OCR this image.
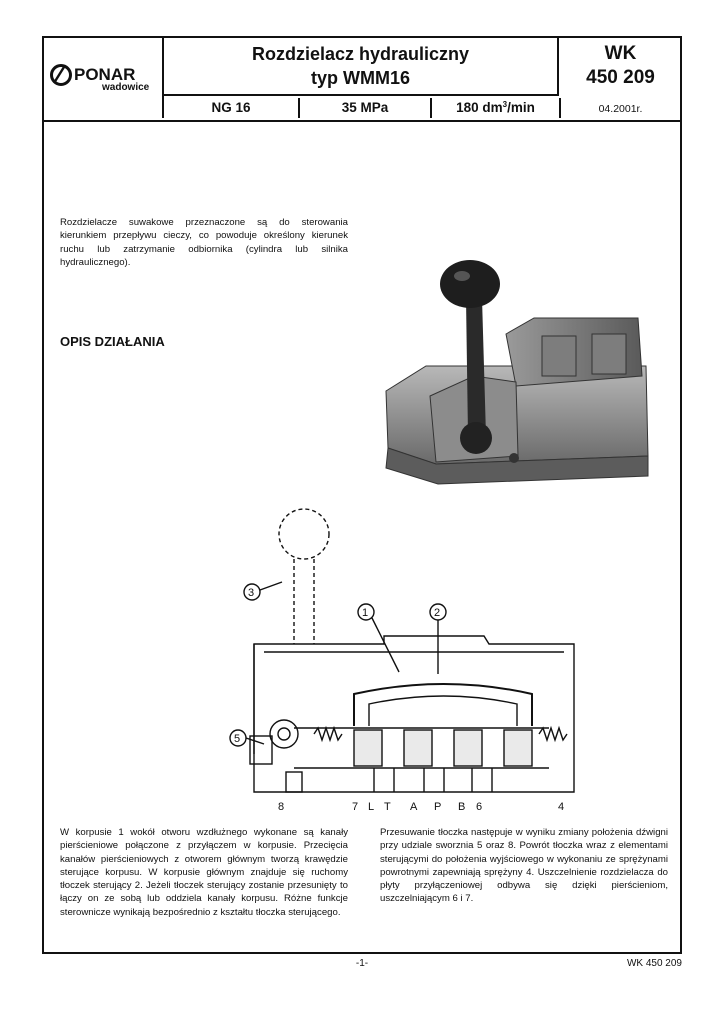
PONAR
wadowice
Rozdzielacz hydrauliczny
typ WMM16
WK
450 209
NG 16	35 MPa	180 $dm^3/\min$	04.2001r.
Rozdzielacze suwakowe przeznaczone są do sterowania kierunkiem przepływu cieczy, co powoduje określony kierunek ruchu lub zatrzymanie odbiornika (cylindra lub silnika hydraulicznego).
OPIS DZIAŁANIA
1	2
3
4
5
6
7
8	L T A P B
W korpusie 1 wokół otworu wzdłużnego wykonane są kanały pierścieniowe połączone z przyłączem w korpusie. Przecięcia kanałów pierścieniowych z otworem głównym tworzą krawędzie sterujące korpusu. W korpusie głównym znajduje się ruchomy tłoczek sterujący 2. Jeżeli tłoczek sterujący zostanie przesunięty to łączy on ze sobą lub oddziela kanały korpusu. Różne funkcje sterownicze wynikają bezpośrednio z kształtu tłoczka sterującego.
Przesuwanie tłoczka następuje w wyniku zmiany położenia dźwigni przy udziale sworznia 5 oraz 8. Powrót tłoczka wraz z elementami sterującymi do położenia wyjściowego w wykonaniu ze sprężynami powrotnymi zapewniają sprężyny 4. Uszczelnienie rozdzielacza do płyty przyłączeniowej odbywa się dzięki pierścieniom, uszczelniającym 6 i 7.
-1-	WK 450 209
